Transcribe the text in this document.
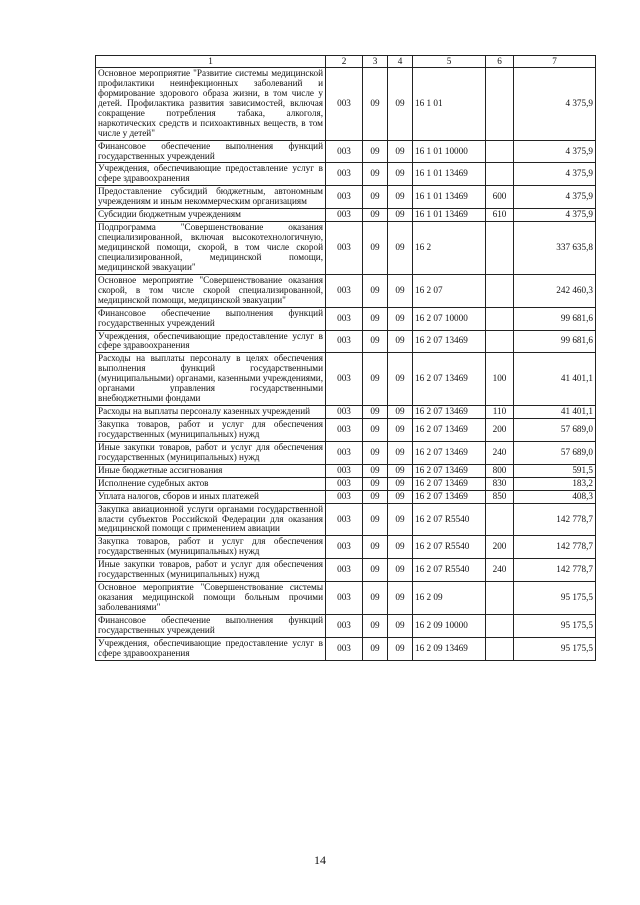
1	2	3	4	5	6	7
Основное мероприятие "Развитие системы медицинской профилактики неинфекционных заболеваний и формирование здорового образа жизни, в том числе у детей. Профилактика развития зависимостей, включая сокращение потребления табака, алкоголя, наркотических средств и психоактивных веществ, в том числе у детей"	003	09	09	16 1 01		4 375,9
Финансовое обеспечение выполнения функций государственных учреждений	003	09	09	16 1 01 10000		4 375,9
Учреждения, обеспечивающие предоставление услуг в сфере здравоохранения	003	09	09	16 1 01 13469		4 375,9
Предоставление субсидий бюджетным, автономным учреждениям и иным некоммерческим организациям	003	09	09	16 1 01 13469	600	4 375,9
Субсидии бюджетным учреждениям	003	09	09	16 1 01 13469	610	4 375,9
Подпрограмма "Совершенствование оказания специализированной, включая высокотехнологичную, медицинской помощи, скорой, в том числе скорой специализированной, медицинской помощи, медицинской эвакуации"	003	09	09	16 2		337 635,8
Основное мероприятие "Совершенствование оказания скорой, в том числе скорой специализированной, медицинской помощи, медицинской эвакуации"	003	09	09	16 2 07		242 460,3
Финансовое обеспечение выполнения функций государственных учреждений	003	09	09	16 2 07 10000		99 681,6
Учреждения, обеспечивающие предоставление услуг в сфере здравоохранения	003	09	09	16 2 07 13469		99 681,6
Расходы на выплаты персоналу в целях обеспечения выполнения функций государственными (муниципальными) органами, казенными учреждениями, органами управления государственными внебюджетными фондами	003	09	09	16 2 07 13469	100	41 401,1
Расходы на выплаты персоналу казенных учреждений	003	09	09	16 2 07 13469	110	41 401,1
Закупка товаров, работ и услуг для обеспечения государственных (муниципальных) нужд	003	09	09	16 2 07 13469	200	57 689,0
Иные закупки товаров, работ и услуг для обеспечения государственных (муниципальных) нужд	003	09	09	16 2 07 13469	240	57 689,0
Иные бюджетные ассигнования	003	09	09	16 2 07 13469	800	591,5
Исполнение судебных актов	003	09	09	16 2 07 13469	830	183,2
Уплата налогов, сборов и иных платежей	003	09	09	16 2 07 13469	850	408,3
Закупка авиационной услуги органами государственной власти субъектов Российской Федерации для оказания медицинской помощи с применением авиации	003	09	09	16 2 07 R5540		142 778,7
Закупка товаров, работ и услуг для обеспечения государственных (муниципальных) нужд	003	09	09	16 2 07 R5540	200	142 778,7
Иные закупки товаров, работ и услуг для обеспечения государственных (муниципальных) нужд	003	09	09	16 2 07 R5540	240	142 778,7
Основное мероприятие "Совершенствование системы оказания медицинской помощи больным прочими заболеваниями"	003	09	09	16 2 09		95 175,5
Финансовое обеспечение выполнения функций государственных учреждений	003	09	09	16 2 09 10000		95 175,5
Учреждения, обеспечивающие предоставление услуг в сфере здравоохранения	003	09	09	16 2 09 13469		95 175,5
14
